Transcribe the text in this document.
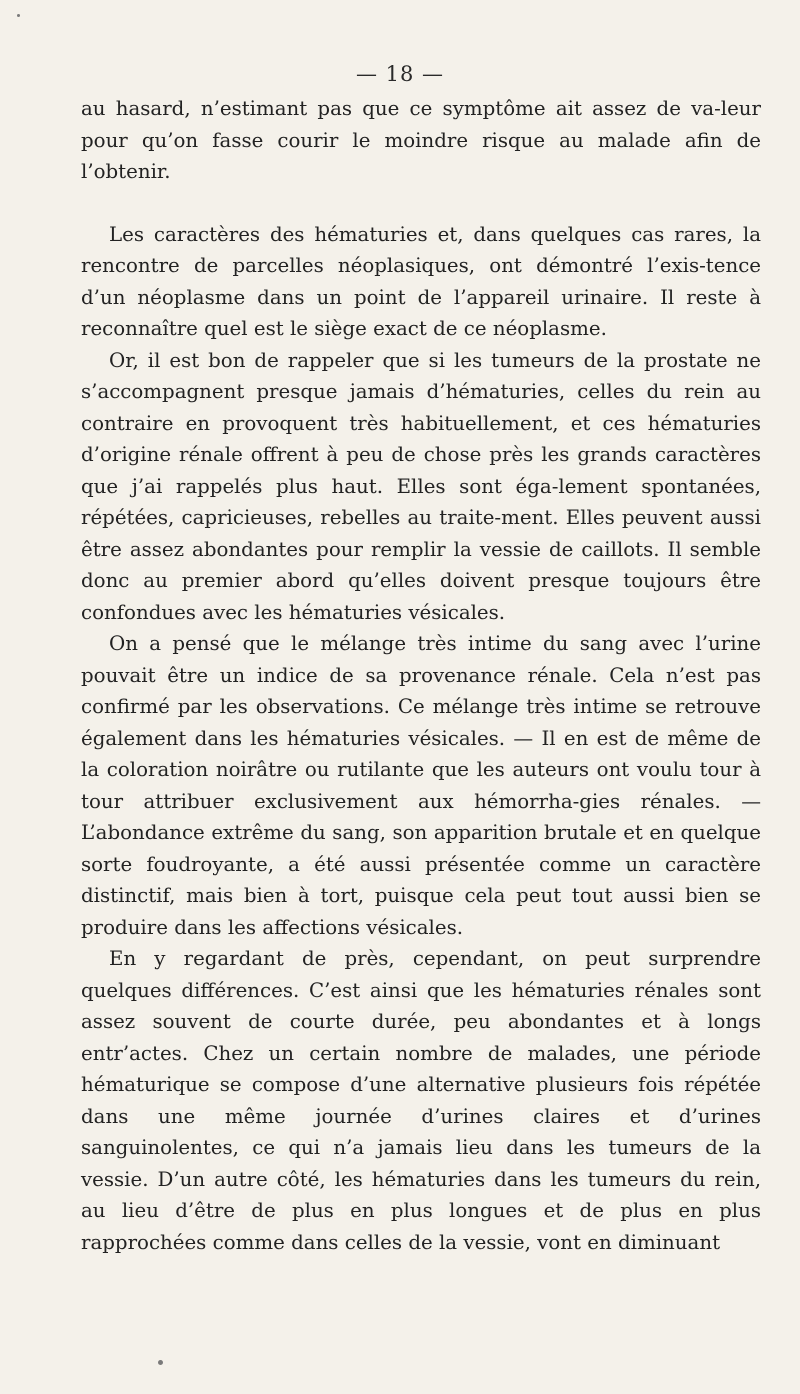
— 18 —

au hasard, n’estimant pas que ce symptôme ait assez de va-leur pour qu’on fasse courir le moindre risque au malade afin de l’obtenir.

Les caractères des hématuries et, dans quelques cas rares, la rencontre de parcelles néoplasiques, ont démontré l’exis-tence d’un néoplasme dans un point de l’appareil urinaire. Il reste à reconnaître quel est le siège exact de ce néoplasme.

Or, il est bon de rappeler que si les tumeurs de la prostate ne s’accompagnent presque jamais d’hématuries, celles du rein au contraire en provoquent très habituellement, et ces hématuries d’origine rénale offrent à peu de chose près les grands caractères que j’ai rappelés plus haut. Elles sont éga-lement spontanées, répétées, capricieuses, rebelles au traite-ment. Elles peuvent aussi être assez abondantes pour remplir la vessie de caillots. Il semble donc au premier abord qu’elles doivent presque toujours être confondues avec les hématuries vésicales.

On a pensé que le mélange très intime du sang avec l’urine pouvait être un indice de sa provenance rénale. Cela n’est pas confirmé par les observations. Ce mélange très intime se retrouve également dans les hématuries vésicales. — Il en est de même de la coloration noirâtre ou rutilante que les auteurs ont voulu tour à tour attribuer exclusivement aux hémorrha-gies rénales. — L’abondance extrême du sang, son apparition brutale et en quelque sorte foudroyante, a été aussi présentée comme un caractère distinctif, mais bien à tort, puisque cela peut tout aussi bien se produire dans les affections vésicales.

En y regardant de près, cependant, on peut surprendre quelques différences. C’est ainsi que les hématuries rénales sont assez souvent de courte durée, peu abondantes et à longs entr’actes. Chez un certain nombre de malades, une période hématurique se compose d’une alternative plusieurs fois répétée dans une même journée d’urines claires et d’urines sanguinolentes, ce qui n’a jamais lieu dans les tumeurs de la vessie. D’un autre côté, les hématuries dans les tumeurs du rein, au lieu d’être de plus en plus longues et de plus en plus rapprochées comme dans celles de la vessie, vont en diminuant
